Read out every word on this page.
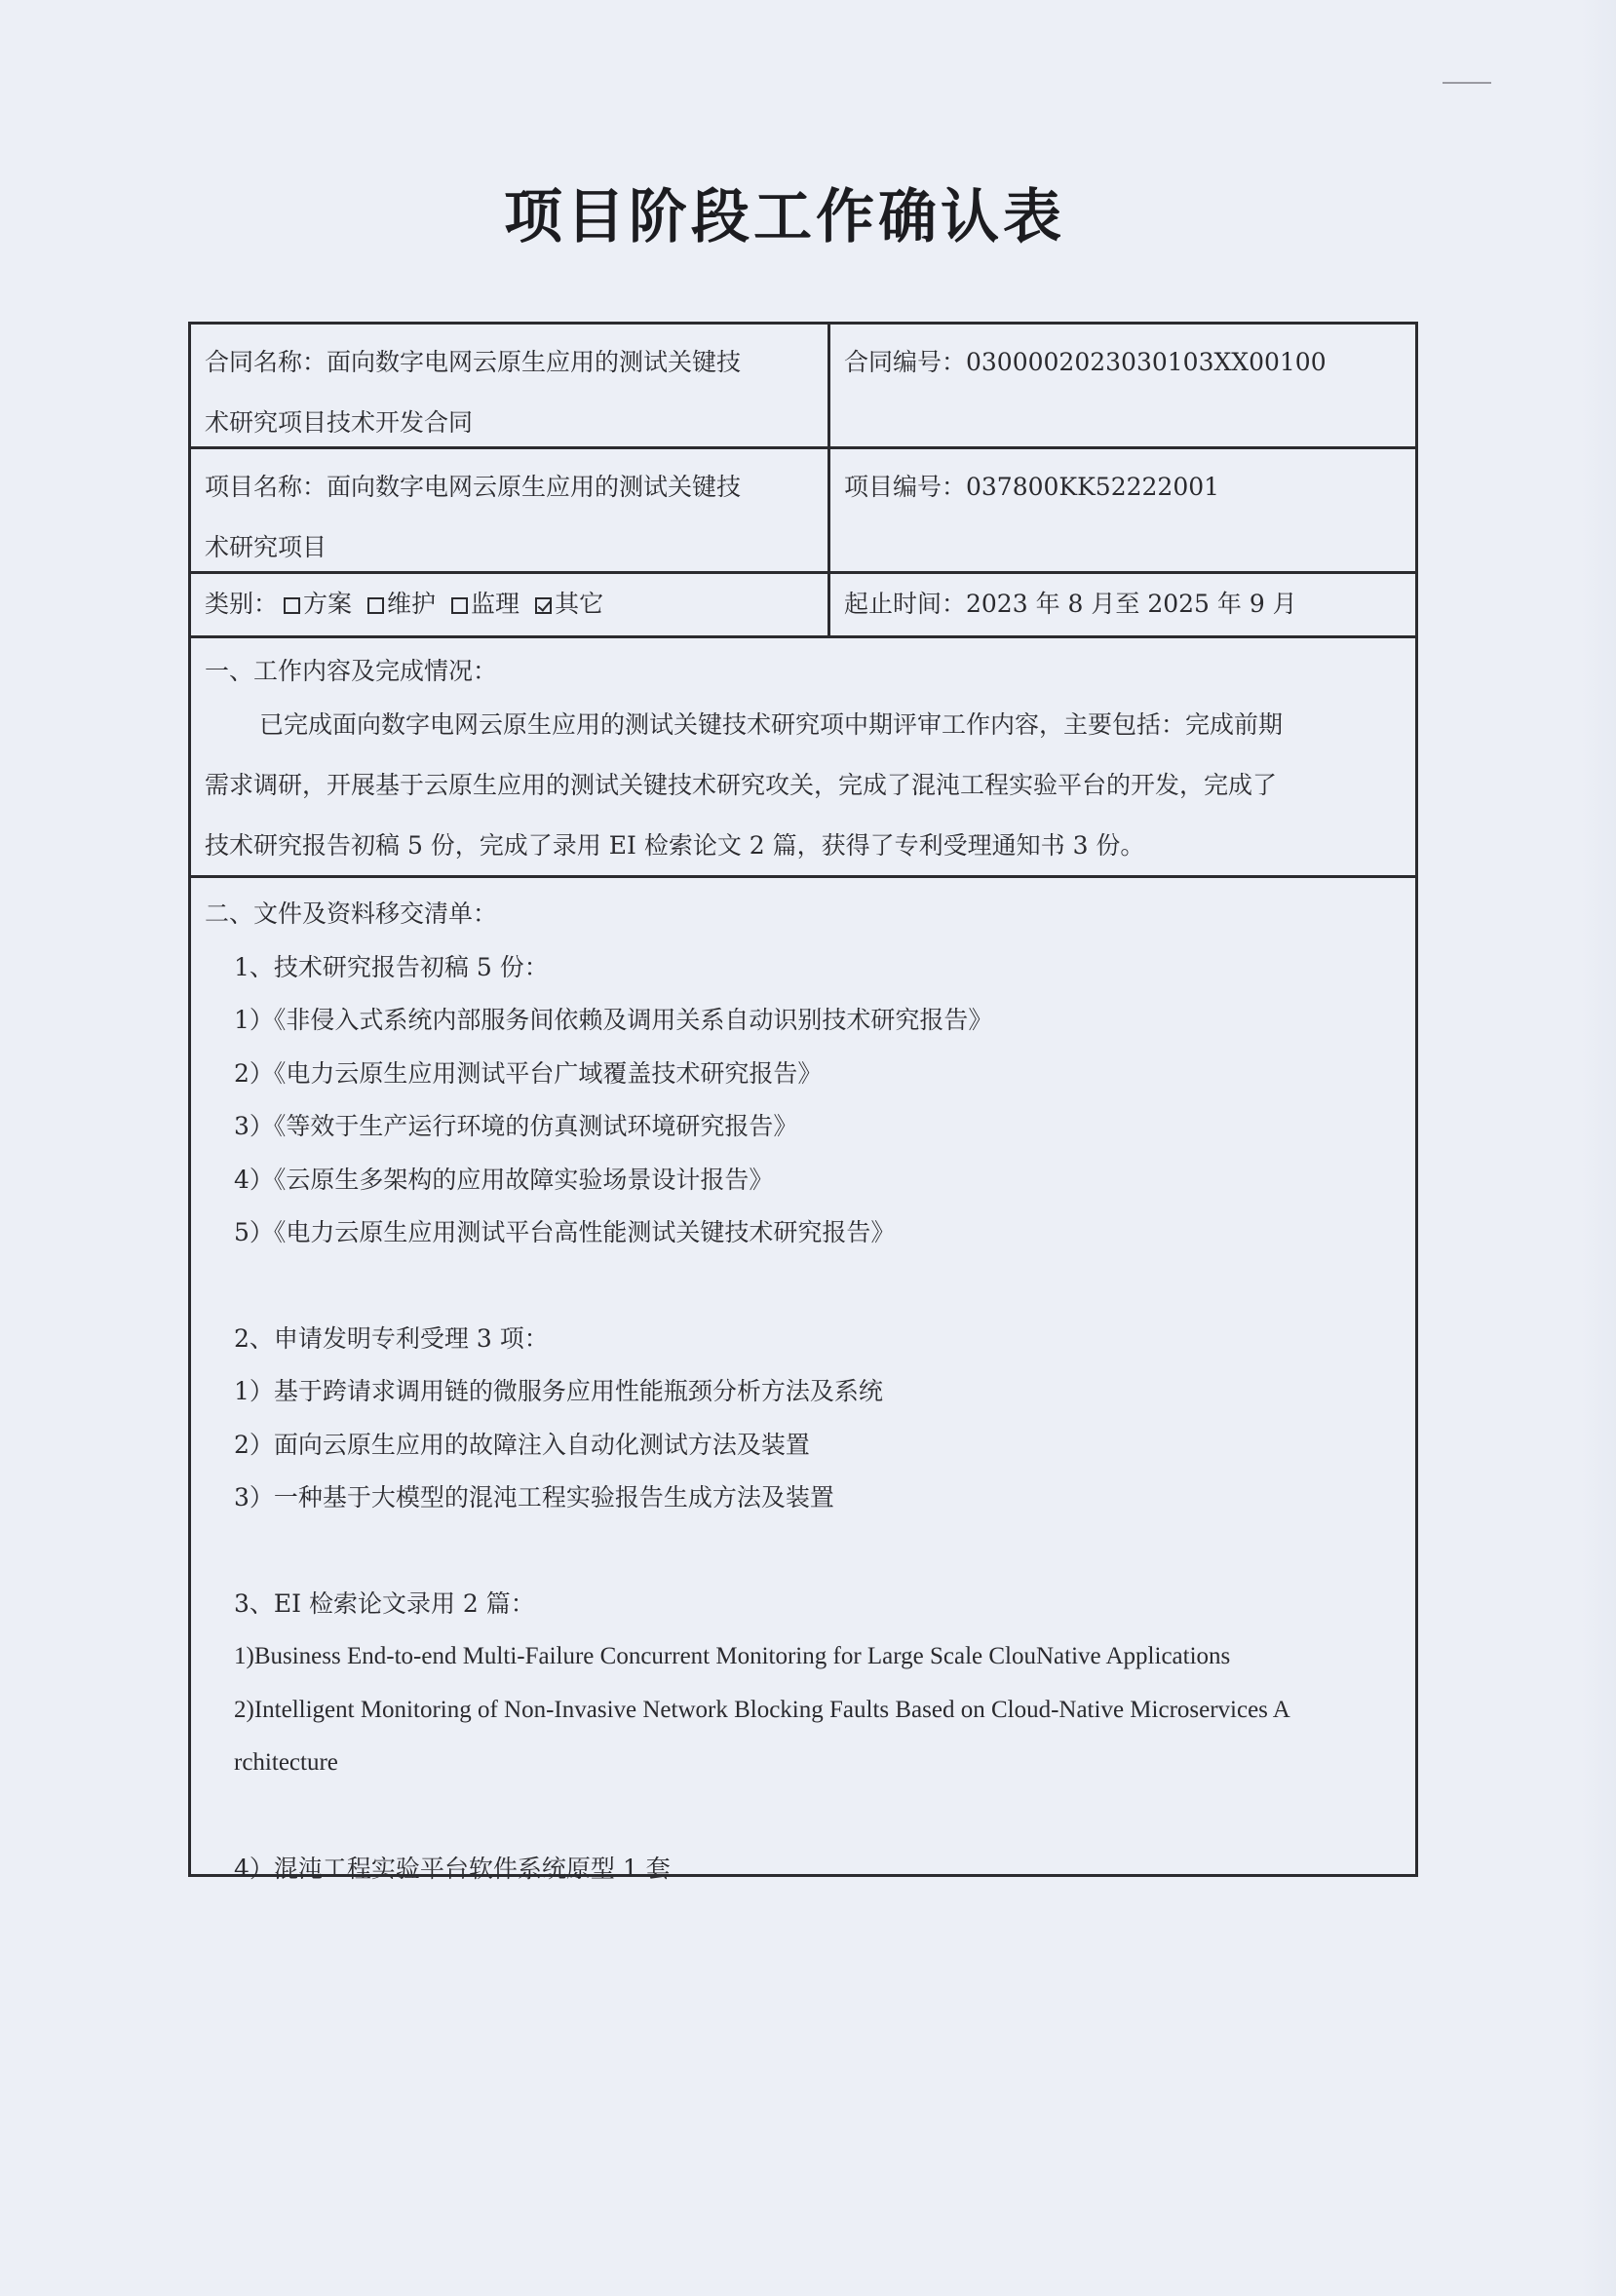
项目阶段工作确认表
合同名称：面向数字电网云原生应用的测试关键技
术研究项目技术开发合同
合同编号：0300002023030103XX00100
项目名称：面向数字电网云原生应用的测试关键技
术研究项目
项目编号：037800KK52222001
类别： 方案 维护 监理 其它	起止时间：2023 年 8 月至 2025 年 9 月
一、工作内容及完成情况：
已完成面向数字电网云原生应用的测试关键技术研究项中期评审工作内容，主要包括：完成前期
需求调研，开展基于云原生应用的测试关键技术研究攻关，完成了混沌工程实验平台的开发，完成了
技术研究报告初稿 5 份，完成了录用 EI 检索论文 2 篇，获得了专利受理通知书 3 份。
二、文件及资料移交清单：
1、技术研究报告初稿 5 份：
1）《非侵入式系统内部服务间依赖及调用关系自动识别技术研究报告》
2）《电力云原生应用测试平台广域覆盖技术研究报告》
3）《等效于生产运行环境的仿真测试环境研究报告》
4）《云原生多架构的应用故障实验场景设计报告》
5）《电力云原生应用测试平台高性能测试关键技术研究报告》
2、申请发明专利受理 3 项：
1）基于跨请求调用链的微服务应用性能瓶颈分析方法及系统
2）面向云原生应用的故障注入自动化测试方法及装置
3）一种基于大模型的混沌工程实验报告生成方法及装置
3、EI 检索论文录用 2 篇：
1)Business End-to-end Multi-Failure Concurrent Monitoring for Large Scale ClouNative Applications
2)Intelligent Monitoring of Non-Invasive Network Blocking Faults Based on Cloud-Native Microservices A
rchitecture
4）混沌工程实验平台软件系统原型 1 套
